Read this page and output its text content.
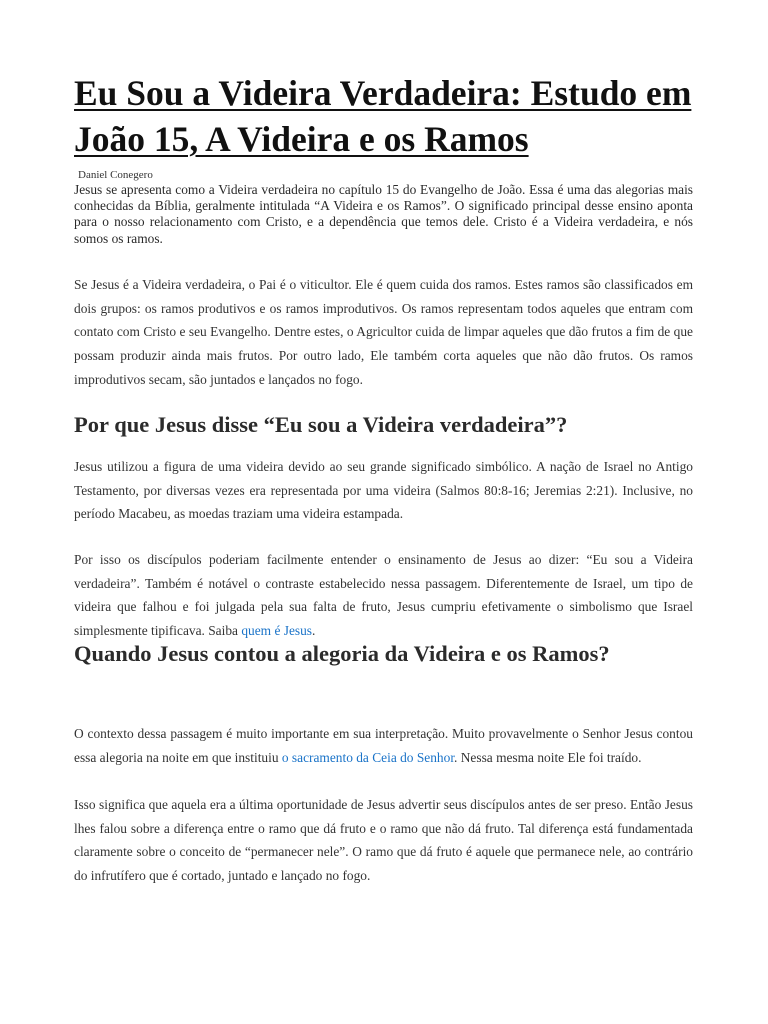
Eu Sou a Videira Verdadeira: Estudo em João 15, A Videira e os Ramos
Daniel Conegero

Jesus se apresenta como a Videira verdadeira no capítulo 15 do Evangelho de João. Essa é uma das alegorias mais conhecidas da Bíblia, geralmente intitulada “A Videira e os Ramos”. O significado principal desse ensino aponta para o nosso relacionamento com Cristo, e a dependência que temos dele. Cristo é a Videira verdadeira, e nós somos os ramos.

Se Jesus é a Videira verdadeira, o Pai é o viticultor. Ele é quem cuida dos ramos. Estes ramos são classificados em dois grupos: os ramos produtivos e os ramos improdutivos. Os ramos representam todos aqueles que entram com contato com Cristo e seu Evangelho. Dentre estes, o Agricultor cuida de limpar aqueles que dão frutos a fim de que possam produzir ainda mais frutos. Por outro lado, Ele também corta aqueles que não dão frutos. Os ramos improdutivos secam, são juntados e lançados no fogo.

Por que Jesus disse “Eu sou a Videira verdadeira”?

Jesus utilizou a figura de uma videira devido ao seu grande significado simbólico. A nação de Israel no Antigo Testamento, por diversas vezes era representada por uma videira (Salmos 80:8-16; Jeremias 2:21). Inclusive, no período Macabeu, as moedas traziam uma videira estampada.

Por isso os discípulos poderiam facilmente entender o ensinamento de Jesus ao dizer: “Eu sou a Videira verdadeira”. Também é notável o contraste estabelecido nessa passagem. Diferentemente de Israel, um tipo de videira que falhou e foi julgada pela sua falta de fruto, Jesus cumpriu efetivamente o simbolismo que Israel simplesmente tipificava. Saiba quem é Jesus.

Quando Jesus contou a alegoria da Videira e os Ramos?

O contexto dessa passagem é muito importante em sua interpretação. Muito provavelmente o Senhor Jesus contou essa alegoria na noite em que instituiu o sacramento da Ceia do Senhor. Nessa mesma noite Ele foi traído.

Isso significa que aquela era a última oportunidade de Jesus advertir seus discípulos antes de ser preso. Então Jesus lhes falou sobre a diferença entre o ramo que dá fruto e o ramo que não dá fruto. Tal diferença está fundamentada claramente sobre o conceito de “permanecer nele”. O ramo que dá fruto é aquele que permanece nele, ao contrário do infrutífero que é cortado, juntado e lançado no fogo.
